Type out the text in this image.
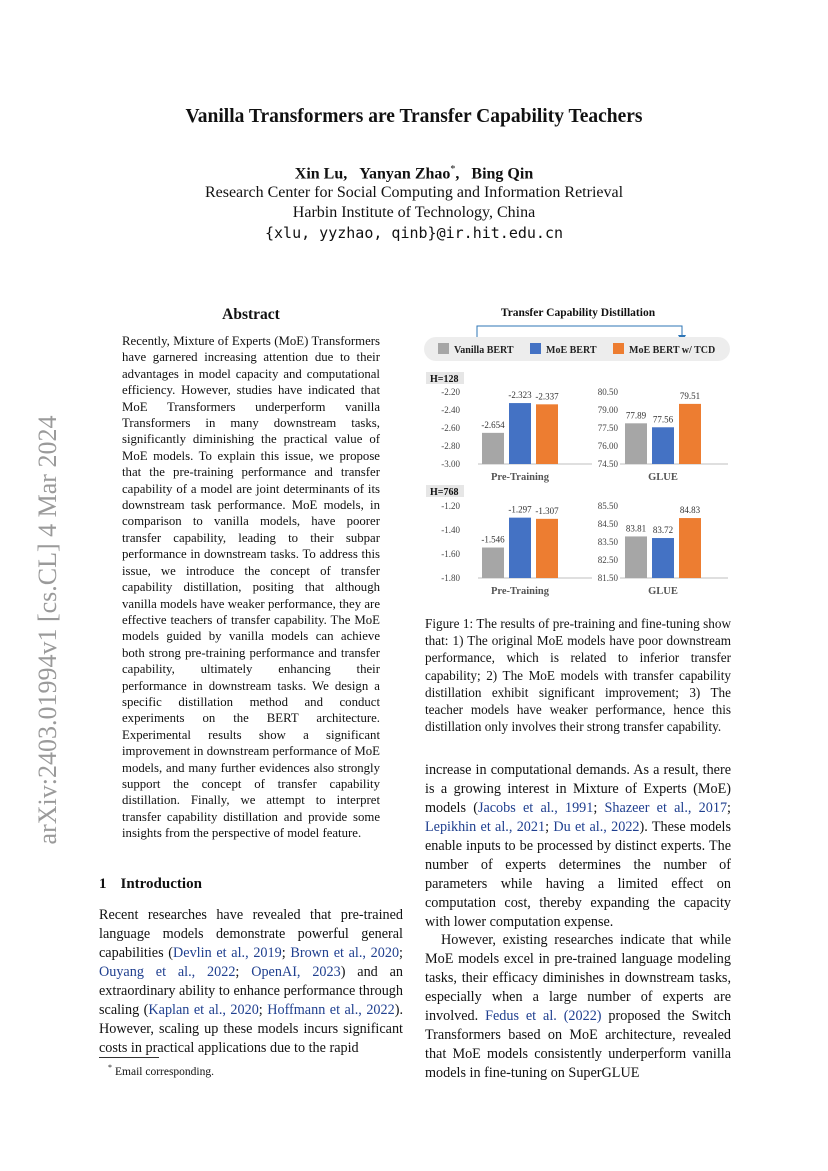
Vanilla Transformers are Transfer Capability Teachers
Xin Lu, Yanyan Zhao*,   Bing Qin
Research Center for Social Computing and Information Retrieval
Harbin Institute of Technology, China
{xlu, yyzhao, qinb}@ir.hit.edu.cn
arXiv:2403.01994v1 [cs.CL] 4 Mar 2024
Abstract
Recently, Mixture of Experts (MoE) Transformers have garnered increasing attention due to their advantages in model capacity and computational efficiency. However, studies have indicated that MoE Transformers underperform vanilla Transformers in many downstream tasks, significantly diminishing the practical value of MoE models. To explain this issue, we propose that the pre-training performance and transfer capability of a model are joint determinants of its downstream task performance. MoE models, in comparison to vanilla models, have poorer transfer capability, leading to their subpar performance in downstream tasks. To address this issue, we introduce the concept of transfer capability distillation, positing that although vanilla models have weaker performance, they are effective teachers of transfer capability. The MoE models guided by vanilla models can achieve both strong pre-training performance and transfer capability, ultimately enhancing their performance in downstream tasks. We design a specific distillation method and conduct experiments on the BERT architecture. Experimental results show a significant improvement in downstream performance of MoE models, and many further evidences also strongly support the concept of transfer capability distillation. Finally, we attempt to interpret transfer capability distillation and provide some insights from the perspective of model feature.
1 Introduction
Recent researches have revealed that pre-trained language models demonstrate powerful general capabilities (Devlin et al., 2019; Brown et al., 2020; Ouyang et al., 2022; OpenAI, 2023) and an extraordinary ability to enhance performance through scaling (Kaplan et al., 2020; Hoffmann et al., 2022). However, scaling up these models incurs significant costs in practical applications due to the rapid
* Email corresponding.
Transfer Capability Distillation
Vanilla BERT	MoE BERT	MoE BERT w/ TCD
H=128
-2.20
-2.40
-2.60
-2.80
-3.00
-2.654
-2.323 -2.337
Pre-Training
80.50
79.00
77.50
76.00
74.50
77.89 77.56
79.51
GLUE
H=768
-1.20
-1.40
-1.60
-1.80
-1.546
-1.297 -1.307
Pre-Training
85.50
84.50
83.50
82.50
81.50
83.81 83.72
84.83
GLUE
Figure 1: The results of pre-training and fine-tuning show that: 1) The original MoE models have poor downstream performance, which is related to inferior transfer capability; 2) The MoE models with transfer capability distillation exhibit significant improvement; 3) The teacher models have weaker performance, hence this distillation only involves their strong transfer capability.
increase in computational demands. As a result, there is a growing interest in Mixture of Experts (MoE) models (Jacobs et al., 1991; Shazeer et al., 2017; Lepikhin et al., 2021; Du et al., 2022). These models enable inputs to be processed by distinct experts. The number of experts determines the number of parameters while having a limited effect on computation cost, thereby expanding the capacity with lower computation expense.
However, existing researches indicate that while MoE models excel in pre-trained language modeling tasks, their efficacy diminishes in downstream tasks, especially when a large number of experts are involved. Fedus et al. (2022) proposed the Switch Transformers based on MoE architecture, revealed that MoE models consistently underperform vanilla models in fine-tuning on SuperGLUE
